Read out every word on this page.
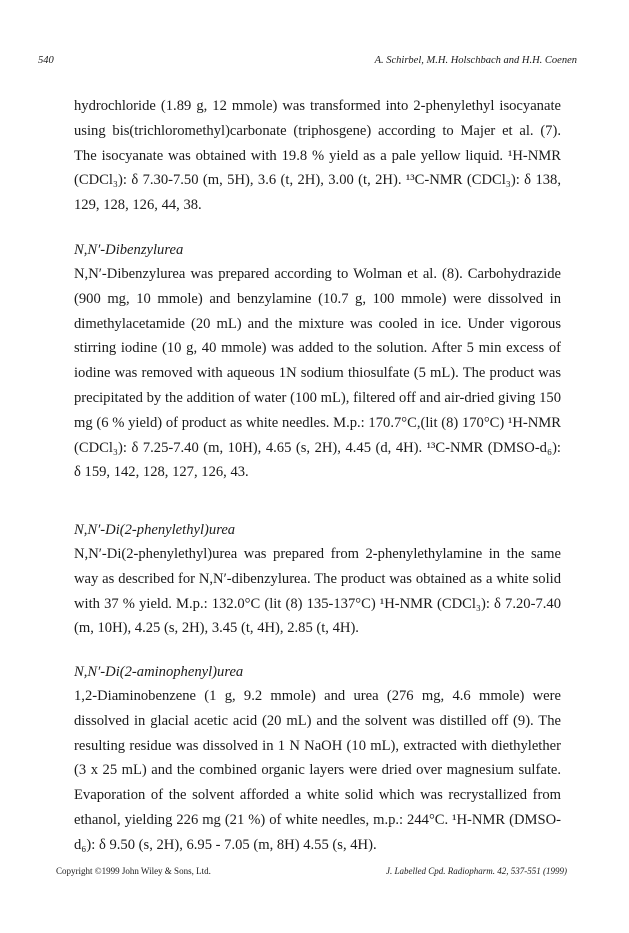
540	A. Schirbel, M.H. Holschbach and H.H. Coenen

hydrochloride (1.89 g, 12 mmole) was transformed into 2-phenylethyl isocyanate using bis(trichloromethyl)carbonate (triphosgene) according to Majer et al. (7). The isocyanate was obtained with 19.8 % yield as a pale yellow liquid. ¹H-NMR (CDCl₃): δ 7.30-7.50 (m, 5H), 3.6 (t, 2H), 3.00 (t, 2H). ¹³C-NMR (CDCl₃): δ 138, 129, 128, 126, 44, 38.

N,N′-Dibenzylurea

N,N′-Dibenzylurea was prepared according to Wolman et al. (8). Carbohydrazide (900 mg, 10 mmole) and benzylamine (10.7 g, 100 mmole) were dissolved in dimethylacetamide (20 mL) and the mixture was cooled in ice. Under vigorous stirring iodine (10 g, 40 mmole) was added to the solution. After 5 min excess of iodine was removed with aqueous 1N sodium thiosulfate (5 mL). The product was precipitated by the addition of water (100 mL), filtered off and air-dried giving 150 mg (6 % yield) of product as white needles. M.p.: 170.7°C,(lit (8) 170°C) ¹H-NMR (CDCl₃): δ 7.25-7.40 (m, 10H), 4.65 (s, 2H), 4.45 (d, 4H). ¹³C-NMR (DMSO-d₆): δ 159, 142, 128, 127, 126, 43.

N,N′-Di(2-phenylethyl)urea

N,N′-Di(2-phenylethyl)urea was prepared from 2-phenylethylamine in the same way as described for N,N′-dibenzylurea. The product was obtained as a white solid with 37 % yield. M.p.: 132.0°C (lit (8) 135-137°C) ¹H-NMR (CDCl₃): δ 7.20-7.40 (m, 10H), 4.25 (s, 2H), 3.45 (t, 4H), 2.85 (t, 4H).

N,N′-Di(2-aminophenyl)urea

1,2-Diaminobenzene (1 g, 9.2 mmole) and urea (276 mg, 4.6 mmole) were dissolved in glacial acetic acid (20 mL) and the solvent was distilled off (9). The resulting residue was dissolved in 1 N NaOH (10 mL), extracted with diethylether (3 x 25 mL) and the combined organic layers were dried over magnesium sulfate. Evaporation of the solvent afforded a white solid which was recrystallized from ethanol, yielding 226 mg (21 %) of white needles, m.p.: 244°C. ¹H-NMR (DMSO-d₆): δ 9.50 (s, 2H), 6.95 - 7.05 (m, 8H) 4.55 (s, 4H).

Copyright ©1999 John Wiley & Sons, Ltd.	J. Labelled Cpd. Radiopharm. 42, 537-551 (1999)
